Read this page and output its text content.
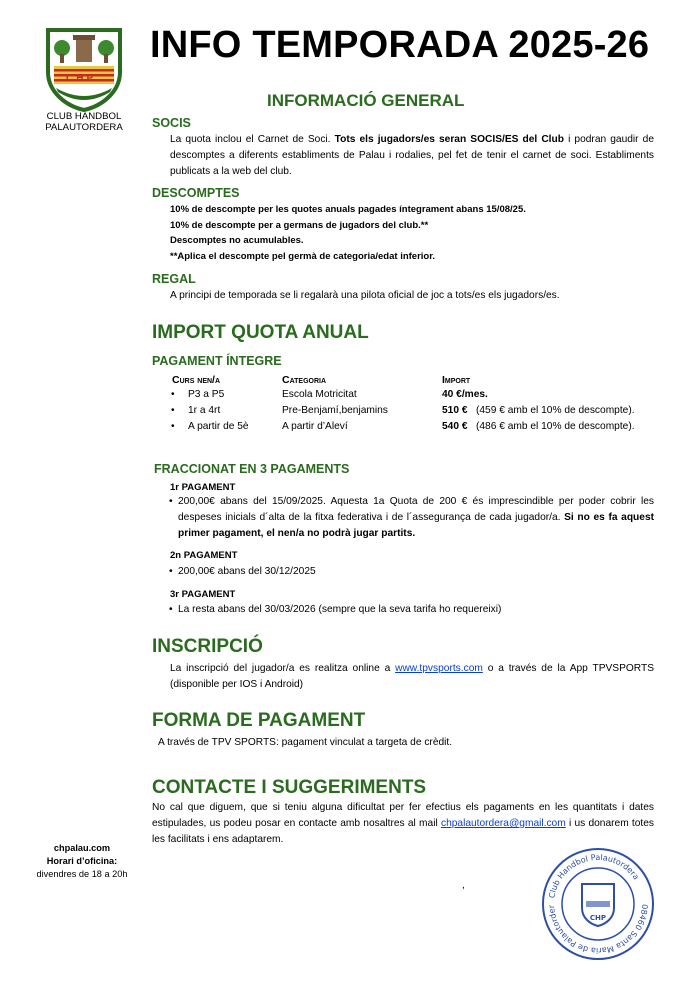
CHP
CLUB HANDBOL
PALAUTORDERA
INFO TEMPORADA 2025-26
INFORMACIÓ GENERAL
SOCIS
La quota inclou el Carnet de Soci. Tots els jugadors/es seran SOCIS/ES del Club i podran gaudir de descomptes a diferents establiments de Palau i rodalies, pel fet de tenir el carnet de soci. Establiments publicats a la web del club.
DESCOMPTES
10% de descompte per les quotes anuals pagades íntegrament abans 15/08/25.
10% de descompte per a germans de jugadors del club.**
Descomptes no acumulables.
**Aplica el descompte pel germà de categoria/edat inferior.
REGAL
A principi de temporada se li regalarà una pilota oficial de joc a tots/es els jugadors/es.
IMPORT QUOTA ANUAL
PAGAMENT ÍNTEGRE
Curs nen/a	Categoria	Import
• P3 a P5	Escola Motricitat	40 €/mes.
• 1r a 4rt	Pre-Benjamí,benjamins	510 € (459 € amb el 10% de descompte).
• A partir de 5è	A partir d’Aleví	540 € (486 € amb el 10% de descompte).
FRACCIONAT EN 3 PAGAMENTS
1r PAGAMENT
• 200,00€ abans del 15/09/2025. Aquesta 1a Quota de 200 € és imprescindible per poder cobrir les despeses inicials d´alta de la fitxa federativa i de l´assegurança de cada jugador/a. Si no es fa aquest primer pagament, el nen/a no podrà jugar partits.
2n PAGAMENT
• 200,00€ abans del 30/12/2025
3r PAGAMENT
• La resta abans del 30/03/2026 (sempre que la seva tarifa ho requereixi)
INSCRIPCIÓ
La inscripció del jugador/a es realitza online a www.tpvsports.com o a través de la App TPVSPORTS (disponible per IOS i Android)
FORMA DE PAGAMENT
A través de TPV SPORTS: pagament vinculat a targeta de crèdit.
CONTACTE I SUGGERIMENTS
No cal que diguem, que si teniu alguna dificultat per fer efectius els pagaments en les quantitats i dates estipulades, us podeu posar en contacte amb nosaltres al mail chpalautordera@gmail.com i us donarem totes les facilitats i ens adaptarem.
chpalau.com
Horari d’oficina:
divendres de 18 a 20h
,
Club Handbol Palautordera
08460 Santa Maria de Palautorder
CHP
